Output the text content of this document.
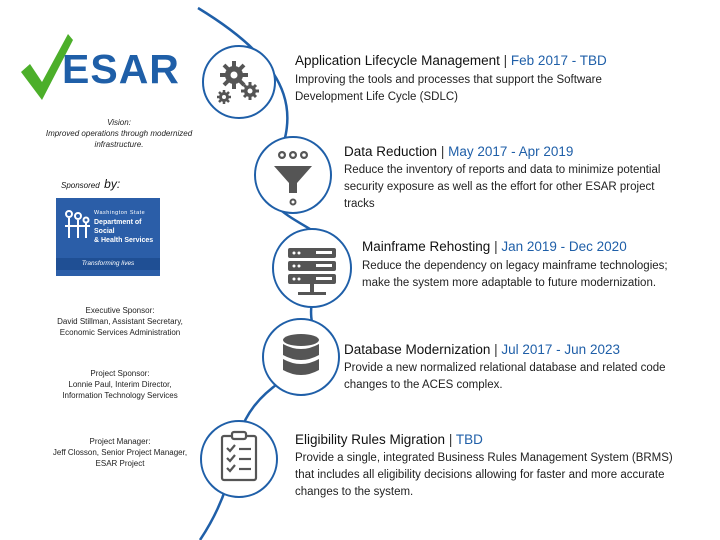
ESAR
Vision:
Improved operations through modernized infrastructure.
Sponsored by:
Washington State
Department of Social
& Health Services
Transforming lives
Executive Sponsor:
David Stillman, Assistant Secretary,
Economic Services Administration
Project Sponsor:
Lonnie Paul, Interim Director,
Information Technology Services
Project Manager:
Jeff Closson, Senior Project Manager,
ESAR Project
Application Lifecycle Management | Feb 2017 - TBD
Improving the tools and processes that support the Software Development Life Cycle (SDLC)
Data Reduction | May 2017 - Apr 2019
Reduce the inventory of reports and data to minimize potential security exposure as well as the effort for other ESAR project tracks
Mainframe Rehosting | Jan 2019 - Dec 2020
Reduce the dependency on legacy mainframe technologies; make the system more adaptable to future modernization.
Database Modernization | Jul 2017 - Jun 2023
Provide a new normalized relational database and related code changes to the ACES complex.
Eligibility Rules Migration | TBD
Provide a single, integrated Business Rules Management System (BRMS) that includes all eligibility decisions allowing for faster and more accurate changes to the system.
